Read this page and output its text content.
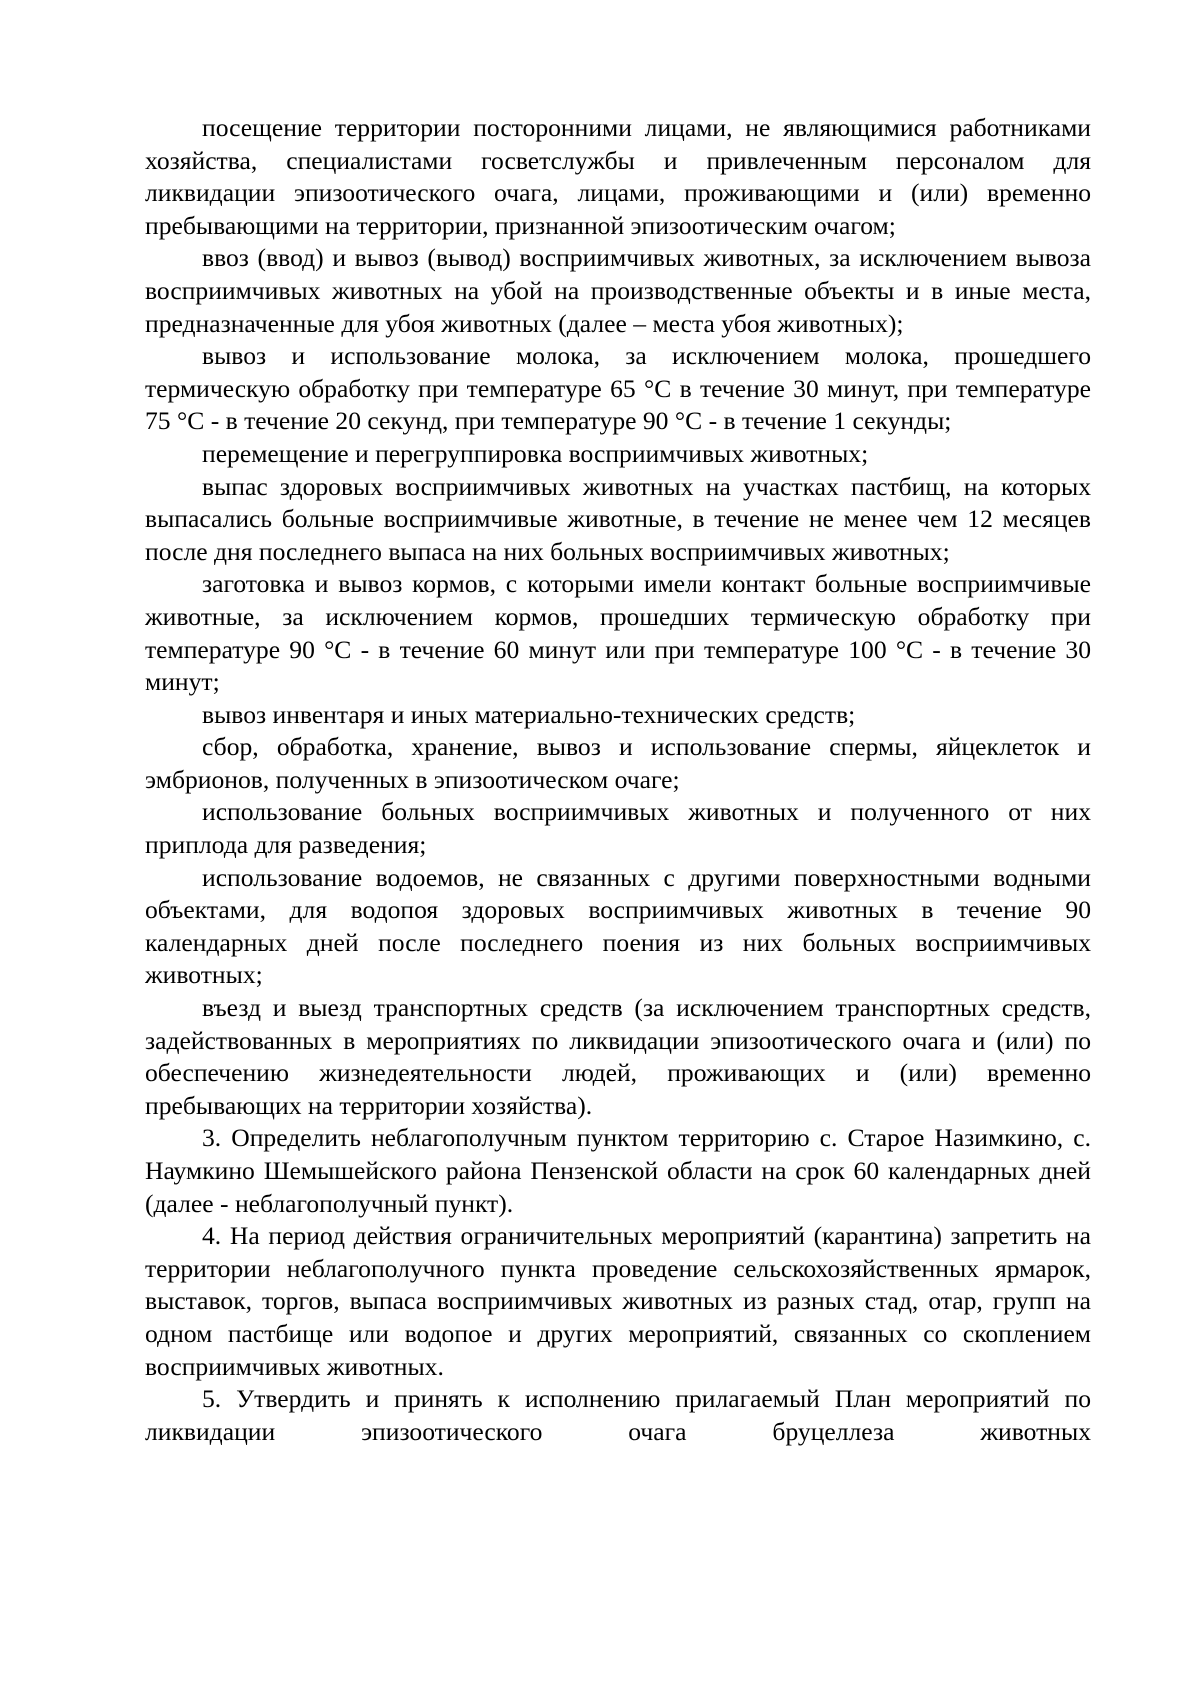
посещение территории посторонними лицами, не являющимися работниками хозяйства, специалистами госветслужбы и привлеченным персоналом для ликвидации эпизоотического очага, лицами, проживающими и (или) временно пребывающими на территории, признанной эпизоотическим очагом;

ввоз (ввод) и вывоз (вывод) восприимчивых животных, за исключением вывоза восприимчивых животных на убой на производственные объекты и в иные места, предназначенные для убоя животных (далее – места убоя животных);

вывоз и использование молока, за исключением молока, прошедшего термическую обработку при температуре 65 °С в течение 30 минут, при температуре 75 °С - в течение 20 секунд, при температуре 90 °С - в течение 1 секунды;

перемещение и перегруппировка восприимчивых животных;

выпас здоровых восприимчивых животных на участках пастбищ, на которых выпасались больные восприимчивые животные, в течение не менее чем 12 месяцев после дня последнего выпаса на них больных восприимчивых животных;

заготовка и вывоз кормов, с которыми имели контакт больные восприимчивые животные, за исключением кормов, прошедших термическую обработку при температуре 90 °С - в течение 60 минут или при температуре 100 °С - в течение 30 минут;

вывоз инвентаря и иных материально-технических средств;

сбор, обработка, хранение, вывоз и использование спермы, яйцеклеток и эмбрионов, полученных в эпизоотическом очаге;

использование больных восприимчивых животных и полученного от них приплода для разведения;

использование водоемов, не связанных с другими поверхностными водными объектами, для водопоя здоровых восприимчивых животных в течение 90 календарных дней после последнего поения из них больных восприимчивых животных;

въезд и выезд транспортных средств (за исключением транспортных средств, задействованных в мероприятиях по ликвидации эпизоотического очага и (или) по обеспечению жизнедеятельности людей, проживающих и (или) временно пребывающих на территории хозяйства).

3. Определить неблагополучным пунктом территорию с. Старое Назимкино, с. Наумкино Шемышейского района Пензенской области на срок 60 календарных дней (далее - неблагополучный пункт).

4. На период действия ограничительных мероприятий (карантина) запретить на территории неблагополучного пункта проведение сельскохозяйственных ярмарок, выставок, торгов, выпаса восприимчивых животных из разных стад, отар, групп на одном пастбище или водопое и других мероприятий, связанных со скоплением восприимчивых животных.

5. Утвердить и принять к исполнению прилагаемый План мероприятий по ликвидации эпизоотического очага бруцеллеза животных
